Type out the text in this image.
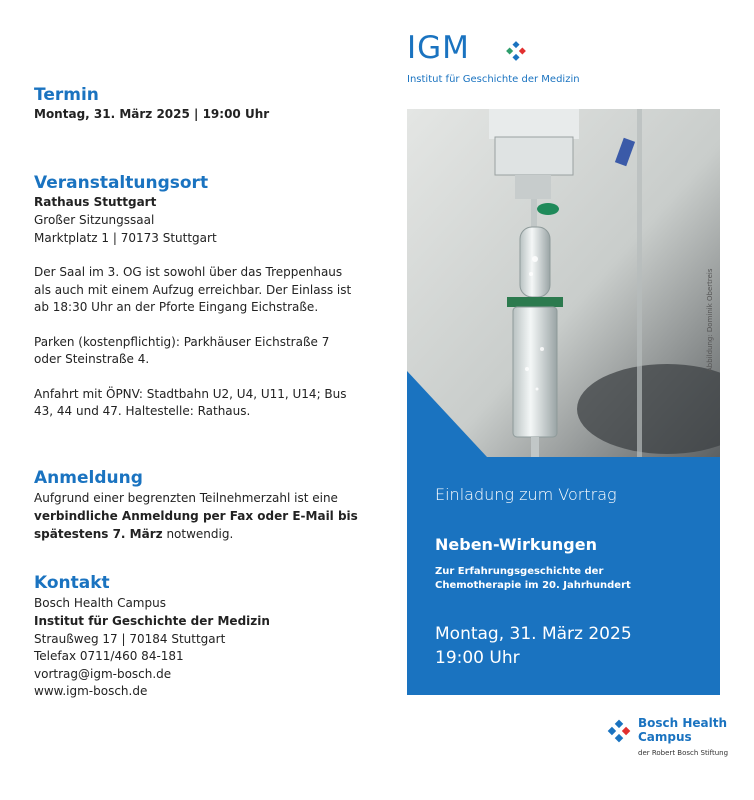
Termin

Montag, 31. März 2025 | 19:00 Uhr

Veranstaltungsort

Rathaus Stuttgart

Großer Sitzungssaal

Marktplatz 1 | 70173 Stuttgart

Der Saal im 3. OG ist sowohl über das Treppenhaus

als auch mit einem Aufzug erreichbar. Der Einlass ist

ab 18:30 Uhr an der Pforte Eingang Eichstraße.

Parken (kostenpflichtig): Parkhäuser Eichstraße 7

oder Steinstraße 4.

Anfahrt mit ÖPNV: Stadtbahn U2, U4, U11, U14; Bus

43, 44 und 47. Haltestelle: Rathaus.

Anmeldung

Aufgrund einer begrenzten Teilnehmerzahl ist eine

verbindliche Anmeldung per Fax oder E-Mail bis

spätestens 7. März notwendig.

Kontakt

Bosch Health Campus

Institut für Geschichte der Medizin

Straußweg 17 | 70184 Stuttgart

Telefax 0711/460 84-181

vortrag@igm-bosch.de

www.igm-bosch.de

IGM
Institut für Geschichte der Medizin
Abbildung: Dominik Obertreis
Einladung zum Vortrag
Neben-Wirkungen
Zur Erfahrungsgeschichte der
Chemotherapie im 20. Jahrhundert
Montag, 31. März 2025
19:00 Uhr
Bosch Health
Campus
der Robert Bosch Stiftung
